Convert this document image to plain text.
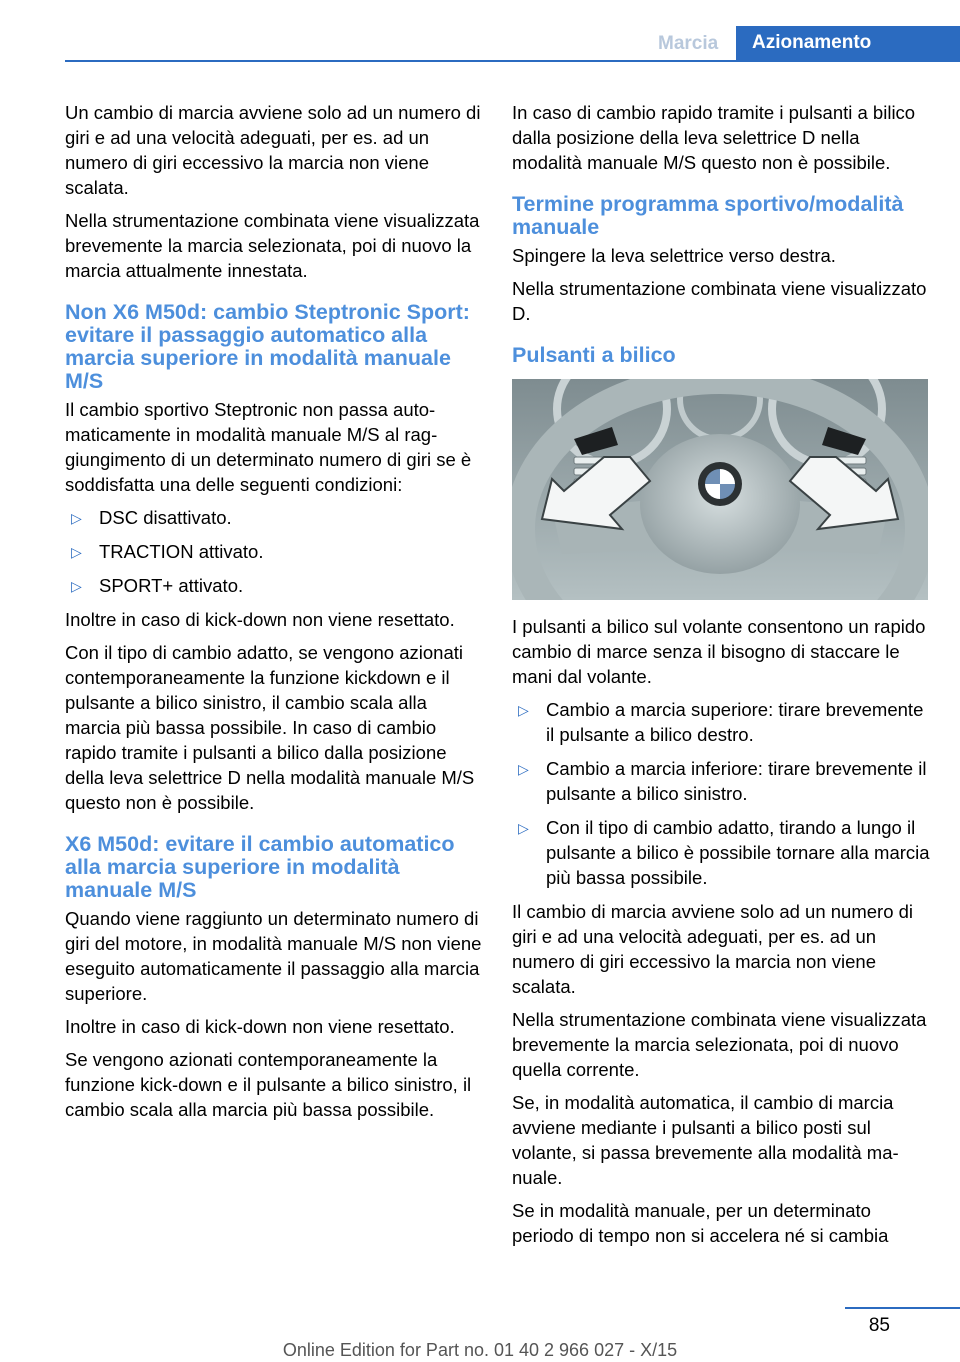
Marcia	Azionamento

Un cambio di marcia avviene solo ad un numero di giri e ad una velocità adeguati, per es. ad un numero di giri eccessivo la marcia non viene scalata.

Nella strumentazione combinata viene visualizzata brevemente la marcia selezionata, poi di nuovo la marcia attualmente innestata.

Non X6 M50d: cambio Steptronic Sport: evitare il passaggio automatico alla marcia superiore in modalità manuale M/S

Il cambio sportivo Steptronic non passa automaticamente in modalità manuale M/S al raggiungimento di un determinato numero di giri se è soddisfatta una delle seguenti condizioni:

▷ DSC disattivato.
▷ TRACTION attivato.
▷ SPORT+ attivato.

Inoltre in caso di kick-down non viene resettato.

Con il tipo di cambio adatto, se vengono azionati contemporaneamente la funzione kickdown e il pulsante a bilico sinistro, il cambio scala alla marcia più bassa possibile. In caso di cambio rapido tramite i pulsanti a bilico dalla posizione della leva selettrice D nella modalità manuale M/S questo non è possibile.

X6 M50d: evitare il cambio automatico alla marcia superiore in modalità manuale M/S

Quando viene raggiunto un determinato numero di giri del motore, in modalità manuale M/S non viene eseguito automaticamente il passaggio alla marcia superiore.

Inoltre in caso di kick-down non viene resettato.

Se vengono azionati contemporaneamente la funzione kick-down e il pulsante a bilico sinistro, il cambio scala alla marcia più bassa possibile.

In caso di cambio rapido tramite i pulsanti a bilico dalla posizione della leva selettrice D nella modalità manuale M/S questo non è possibile.

Termine programma sportivo/modalità manuale

Spingere la leva selettrice verso destra.

Nella strumentazione combinata viene visualizzato D.

Pulsanti a bilico

I pulsanti a bilico sul volante consentono un rapido cambio di marce senza il bisogno di staccare le mani dal volante.

▷ Cambio a marcia superiore: tirare brevemente il pulsante a bilico destro.
▷ Cambio a marcia inferiore: tirare brevemente il pulsante a bilico sinistro.
▷ Con il tipo di cambio adatto, tirando a lungo il pulsante a bilico è possibile tornare alla marcia più bassa possibile.

Il cambio di marcia avviene solo ad un numero di giri e ad una velocità adeguati, per es. ad un numero di giri eccessivo la marcia non viene scalata.

Nella strumentazione combinata viene visualizzata brevemente la marcia selezionata, poi di nuovo quella corrente.

Se, in modalità automatica, il cambio di marcia avviene mediante i pulsanti a bilico posti sul volante, si passa brevemente alla modalità manuale.

Se in modalità manuale, per un determinato periodo di tempo non si accelera né si cambia

85
Online Edition for Part no. 01 40 2 966 027 - X/15
